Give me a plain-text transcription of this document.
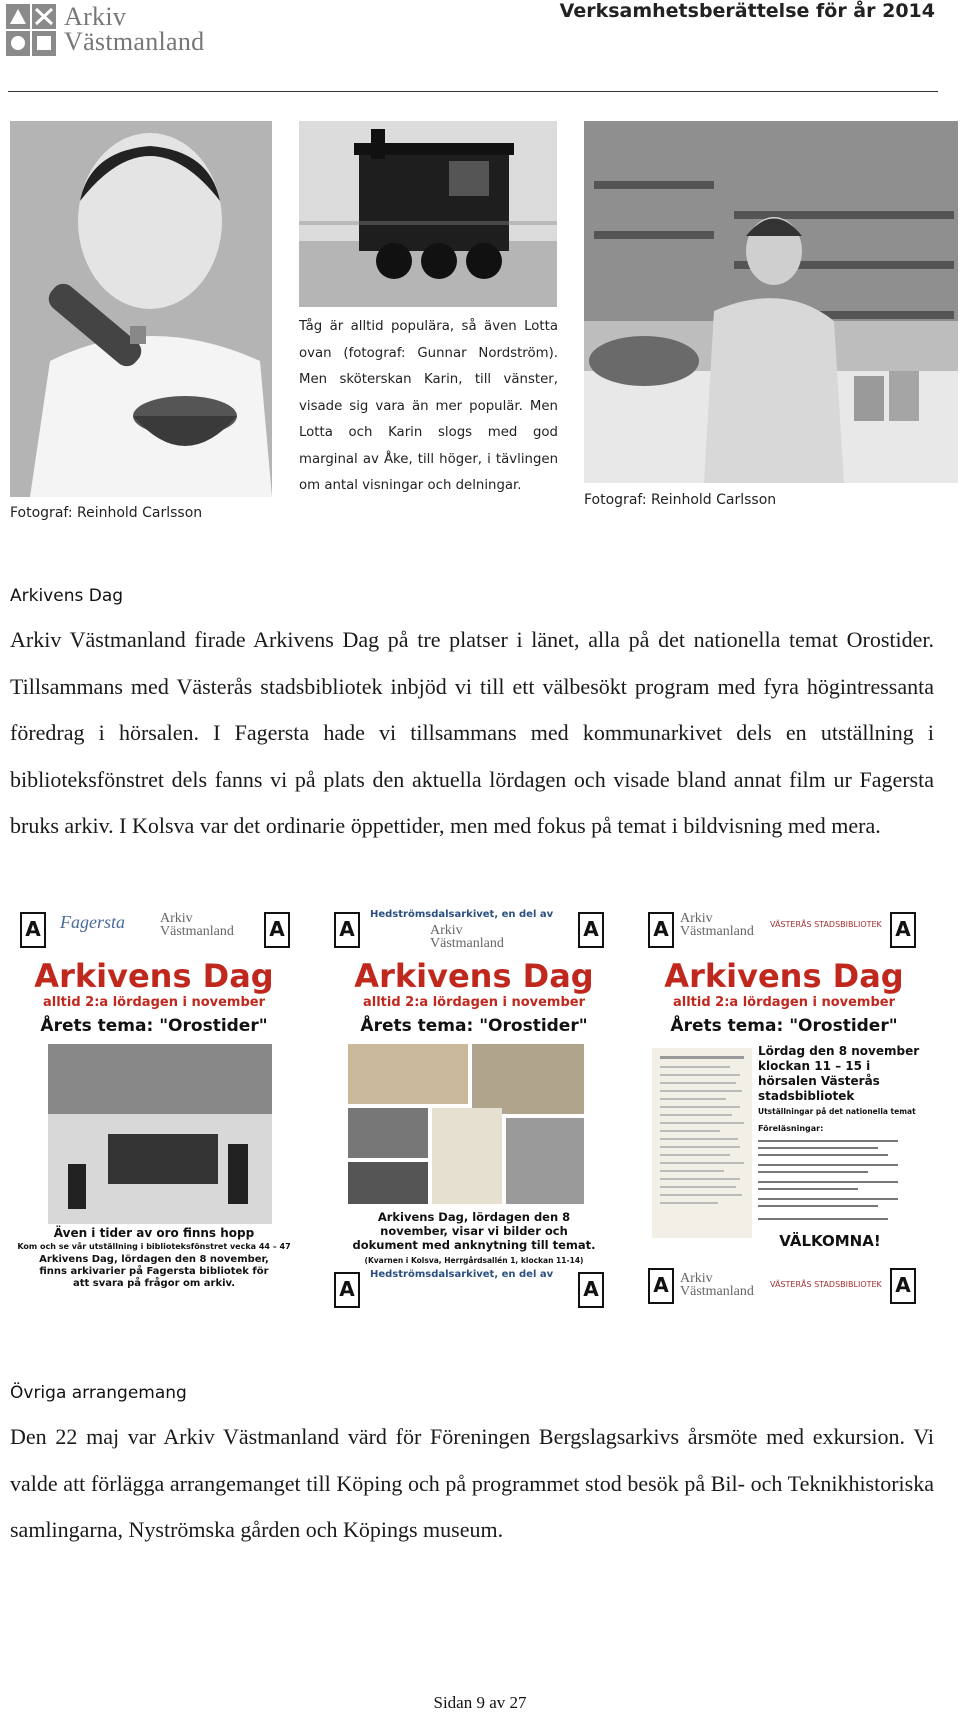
Arkiv
Västmanland
Verksamhetsberättelse för år 2014
Fotograf: Reinhold Carlsson
Tåg är alltid populära, så även Lotta ovan (fotograf: Gunnar Nordström). Men sköterskan Karin, till vänster, visade sig vara än mer populär. Men Lotta och Karin slogs med god marginal av Åke, till höger, i tävlingen om antal visningar och delningar.
Fotograf: Reinhold Carlsson
Arkivens Dag
Arkiv Västmanland firade Arkivens Dag på tre platser i länet, alla på det nationella temat Orostider. Tillsammans med Västerås stadsbibliotek inbjöd vi till ett välbesökt program med fyra högintressanta föredrag i hörsalen. I Fagersta hade vi tillsammans med kommunarkivet dels en utställning i biblioteksfönstret dels fanns vi på plats den aktuella lördagen och visade bland annat film ur Fagersta bruks arkiv. I Kolsva var det ordinarie öppettider, men med fokus på temat i bildvisning med mera.
A Fagersta	Arkiv
Västmanland A
Arkivens Dag
alltid 2:a lördagen i november
Årets tema: "Orostider"
Även i tider av oro finns hopp
Kom och se vår utställning i biblioteksfönstret vecka 44 – 47
Arkivens Dag, lördagen den 8 november, finns arkivarier på Fagersta bibliotek för att svara på frågor om arkiv.
A
Hedströmsdalsarkivet, en del av
Arkiv
Västmanland
A
Arkivens Dag
alltid 2:a lördagen i november
Årets tema: "Orostider"
Arkivens Dag, lördagen den 8 november, visar vi bilder och dokument med anknytning till temat.
(Kvarnen i Kolsva, Herrgårdsallén 1, klockan 11-14)
A
Hedströmsdalsarkivet, en del av
A
A Arkiv
Västmanland VÄSTERÅS STADSBIBLIOTEK A
Arkivens Dag
alltid 2:a lördagen i november
Årets tema: "Orostider"
Lördag den 8 november klockan 11 – 15 i hörsalen Västerås stadsbibliotek
Utställningar på det nationella temat
Föreläsningar:
VÄLKOMNA!
A Arkiv
Västmanland VÄSTERÅS STADSBIBLIOTEK A
Övriga arrangemang
Den 22 maj var Arkiv Västmanland värd för Föreningen Bergslagsarkivs årsmöte med exkursion. Vi valde att förlägga arrangemanget till Köping och på programmet stod besök på Bil- och Teknikhistoriska samlingarna, Nyströmska gården och Köpings museum.
Sidan 9 av 27
